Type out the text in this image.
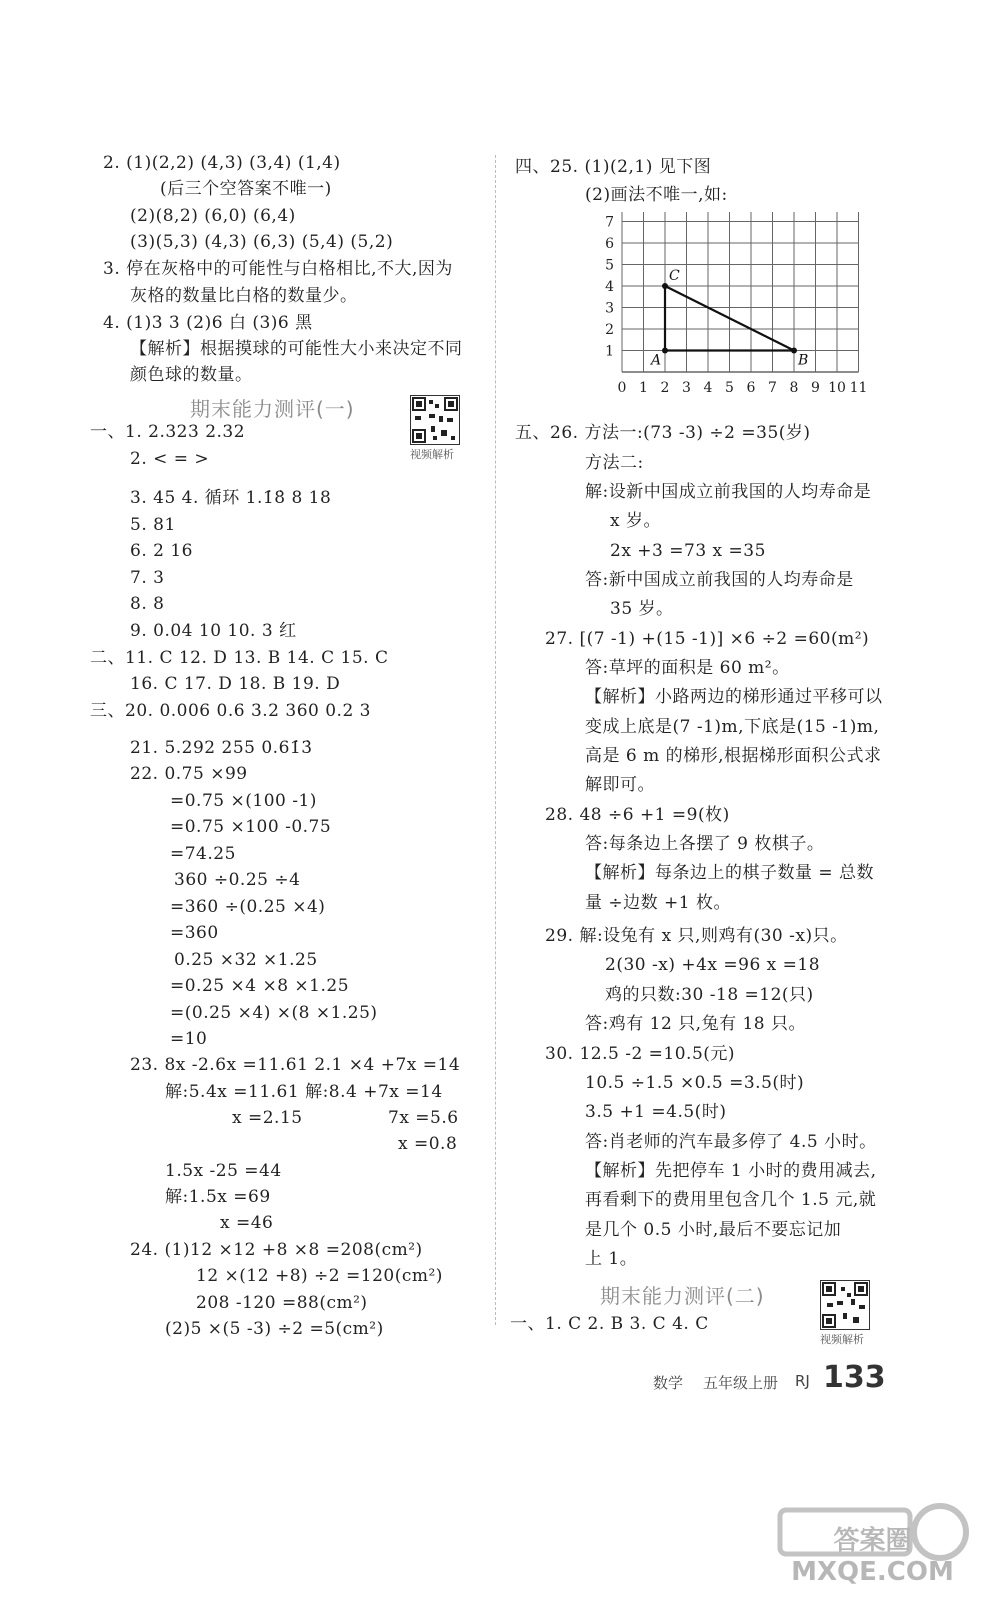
2. (1)(2,2) (4,3) (3,4) (1,4)
(后三个空答案不唯一)
(2)(8,2) (6,0) (6,4)
(3)(5,3) (4,3) (6,3) (5,4) (5,2)
3. 停在灰格中的可能性与白格相比,不大,因为
灰格的数量比白格的数量少。
4. (1)3 3 (2)6 白 (3)6 黑
【解析】根据摸球的可能性大小来决定不同
颜色球的数量。
期末能力测评(一)
视频解析
一、1. 2.323 2.32
2. < = >
3. 45 4. 循环 1.1̇8̇ 8 18
5. 81
6. 2 16
7. 3
8. 8
9. 0.04 10 10. 3 红
二、11. C 12. D 13. B 14. C 15. C
16. C 17. D 18. B 19. D
三、20. 0.006 0.6 3.2 360 0.2 3
21. 5.292 255 0.61̇3̇
22. 0.75 ×99
=0.75 ×(100 -1)
=0.75 ×100 -0.75
=74.25
360 ÷0.25 ÷4
=360 ÷(0.25 ×4)
=360
0.25 ×32 ×1.25
=0.25 ×4 ×8 ×1.25
=(0.25 ×4) ×(8 ×1.25)
=10
23. 8x -2.6x =11.61 2.1 ×4 +7x =14
解:5.4x =11.61 解:8.4 +7x =14
x =2.15	7x =5.6
x =0.8
1.5x -25 =44
解:1.5x =69
x =46
24. (1)12 ×12 +8 ×8 =208(cm²)
12 ×(12 +8) ÷2 =120(cm²)
208 -120 =88(cm²)
(2)5 ×(5 -3) ÷2 =5(cm²)
四、25. (1)(2,1) 见下图
(2)画法不唯一,如:
0 1 2 3 4 5 6 7 8 9 10 11
1
2
3
4
5
6
7
A	B
C
五、26. 方法一:(73 -3) ÷2 =35(岁)
方法二:
解:设新中国成立前我国的人均寿命是
x 岁。
2x +3 =73 x =35
答:新中国成立前我国的人均寿命是
35 岁。
27. [(7 -1) +(15 -1)] ×6 ÷2 =60(m²)
答:草坪的面积是 60 m²。
【解析】小路两边的梯形通过平移可以
变成上底是(7 -1)m,下底是(15 -1)m,
高是 6 m 的梯形,根据梯形面积公式求
解即可。
28. 48 ÷6 +1 =9(枚)
答:每条边上各摆了 9 枚棋子。
【解析】每条边上的棋子数量 = 总数
量 ÷边数 +1 枚。
29. 解:设兔有 x 只,则鸡有(30 -x)只。
2(30 -x) +4x =96 x =18
鸡的只数:30 -18 =12(只)
答:鸡有 12 只,兔有 18 只。
30. 12.5 -2 =10.5(元)
10.5 ÷1.5 ×0.5 =3.5(时)
3.5 +1 =4.5(时)
答:肖老师的汽车最多停了 4.5 小时。
【解析】先把停车 1 小时的费用减去,
再看剩下的费用里包含几个 1.5 元,就
是几个 0.5 小时,最后不要忘记加
上 1。
期末能力测评(二)
视频解析
一、1. C 2. B 3. C 4. C
数学 五年级上册 RJ 133
答案圈 MXQE.COM
